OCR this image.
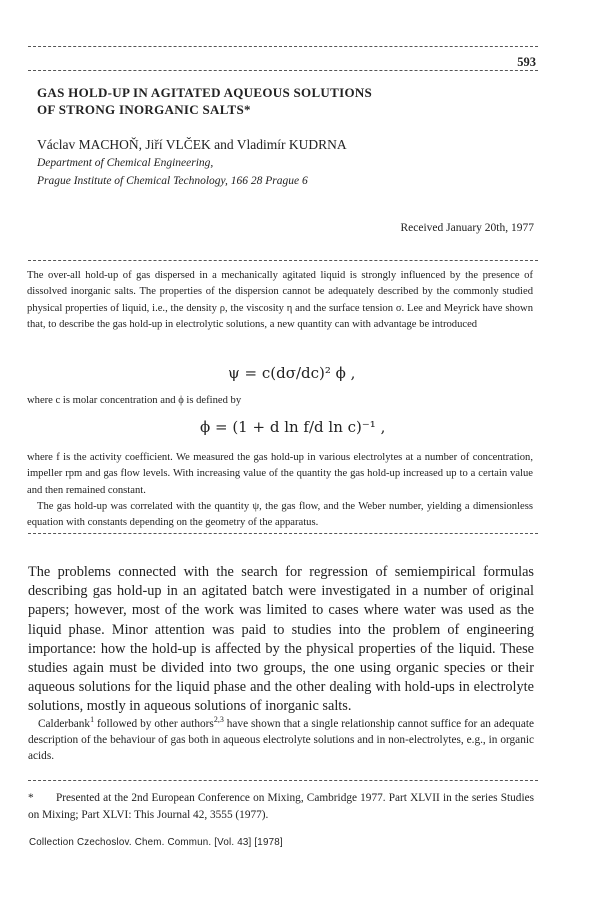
593
GAS HOLD-UP IN AGITATED AQUEOUS SOLUTIONS
OF STRONG INORGANIC SALTS*
Václav MACHOŇ, Jiří VLČEK and Vladimír KUDRNA
Department of Chemical Engineering,
Prague Institute of Chemical Technology, 166 28 Prague 6
Received January 20th, 1977

The over-all hold-up of gas dispersed in a mechanically agitated liquid is strongly influenced by the presence of dissolved inorganic salts. The properties of the dispersion cannot be adequately described by the commonly studied physical properties of liquid, i.e., the density ρ, the viscosity η and the surface tension σ. Lee and Meyrick have shown that, to describe the gas hold-up in electrolytic solutions, a new quantity can with advantage be introduced

ψ = c(dσ/dc)² ϕ ,

where c is molar concentration and ϕ is defined by

ϕ = (1 + d ln f/d ln c)⁻¹ ,

where f is the activity coefficient. We measured the gas hold-up in various electrolytes at a number of concentration, impeller rpm and gas flow levels. With increasing value of the quantity the gas hold-up increased up to a certain value and then remained constant.

The gas hold-up was correlated with the quantity ψ, the gas flow, and the Weber number, yielding a dimensionless equation with constants depending on the geometry of the apparatus.

The problems connected with the search for regression of semiempirical formulas describing gas hold-up in an agitated batch were investigated in a number of original papers; however, most of the work was limited to cases where water was used as the liquid phase. Minor attention was paid to studies into the problem of engineering importance: how the hold-up is affected by the physical properties of the liquid. These studies again must be divided into two groups, the one using organic species or their aqueous solutions for the liquid phase and the other dealing with hold-ups in electrolyte solutions, mostly in aqueous solutions of inorganic salts.

Calderbank$^1$ followed by other authors$^{2,3}$ have shown that a single relationship cannot suffice for an adequate description of the behaviour of gas both in aqueous electrolyte solutions and in non-electrolytes, e.g., in organic acids.

* Presented at the 2nd European Conference on Mixing, Cambridge 1977. Part XLVII in the series Studies on Mixing; Part XLVI: This Journal 42, 3555 (1977).
Collection Czechoslov. Chem. Commun. [Vol. 43] [1978]
